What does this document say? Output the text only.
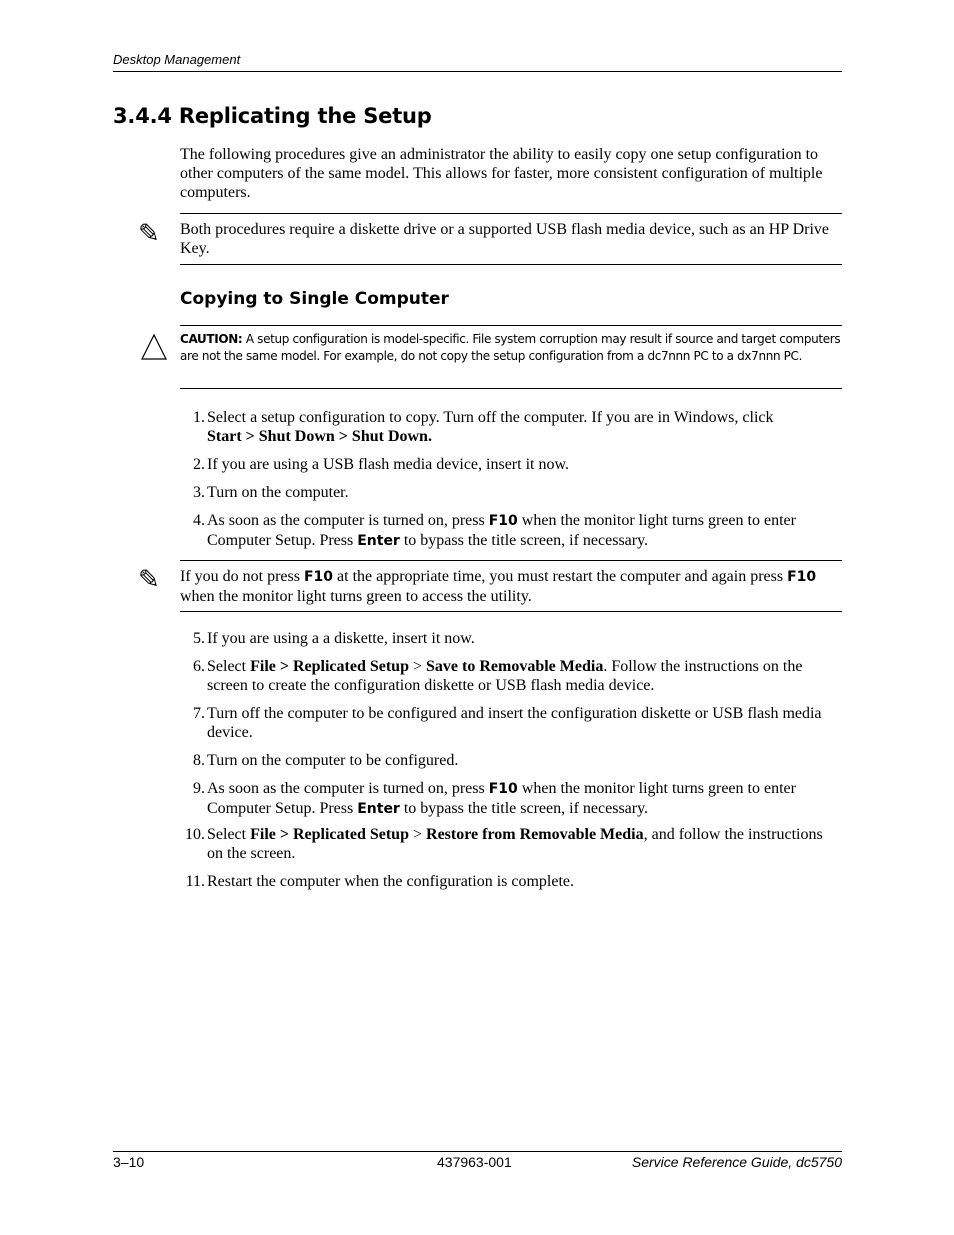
Desktop Management
3.4.4 Replicating the Setup

The following procedures give an administrator the ability to easily copy one setup configuration to other computers of the same model. This allows for faster, more consistent configuration of multiple computers.

✎ Both procedures require a diskette drive or a supported USB flash media device, such as an HP Drive Key.

Copying to Single Computer

CAUTION: A setup configuration is model-specific. File system corruption may result if source and target computers are not the same model. For example, do not copy the setup configuration from a dc7nnn PC to a dx7nnn PC.

1. Select a setup configuration to copy. Turn off the computer. If you are in Windows, click
Start > Shut Down > Shut Down.
2. If you are using a USB flash media device, insert it now.
3. Turn on the computer.
4. As soon as the computer is turned on, press F10 when the monitor light turns green to enter Computer Setup. Press Enter to bypass the title screen, if necessary.
✎ If you do not press F10 at the appropriate time, you must restart the computer and again press F10 when the monitor light turns green to access the utility.

5. If you are using a a diskette, insert it now.
6. Select File > Replicated Setup > Save to Removable Media. Follow the instructions on the screen to create the configuration diskette or USB flash media device.
7. Turn off the computer to be configured and insert the configuration diskette or USB flash media device.
8. Turn on the computer to be configured.
9. As soon as the computer is turned on, press F10 when the monitor light turns green to enter Computer Setup. Press Enter to bypass the title screen, if necessary.
10. Select File > Replicated Setup > Restore from Removable Media, and follow the instructions on the screen.
11. Restart the computer when the configuration is complete.
3–10	437963-001	Service Reference Guide, dc5750
